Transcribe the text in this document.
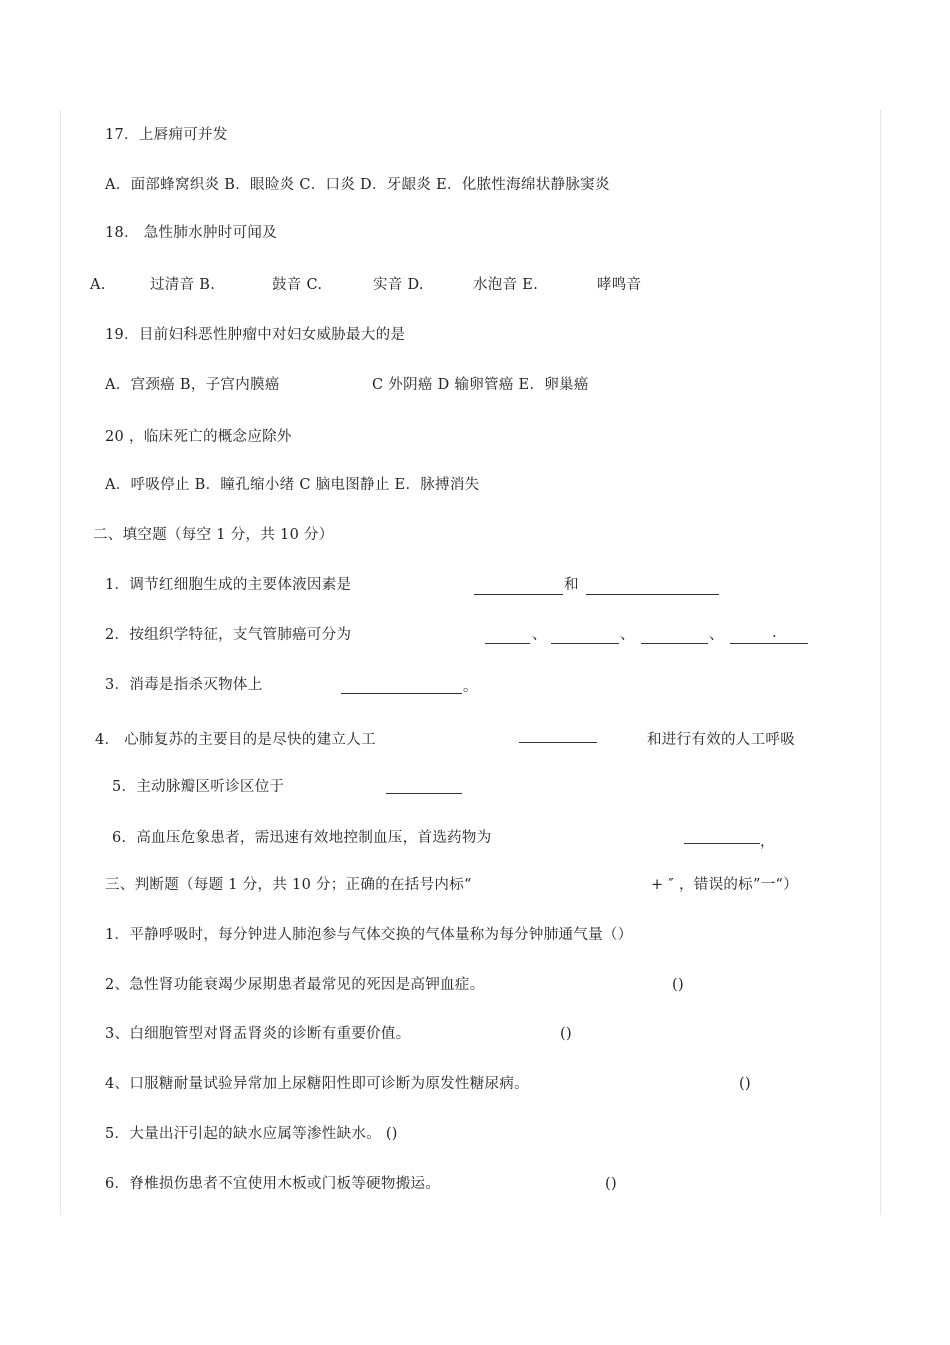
17．上唇痈可并发
A．面部蜂窝织炎 B．眼睑炎 C．口炎 D．牙龈炎 E．化脓性海绵状静脉窦炎
18． 急性肺水肿时可闻及
A.	过清音 B.	鼓音 C.	实音 D.	水泡音 E.	哮鸣音
19．目前妇科恶性肿瘤中对妇女威胁最大的是
A．宫颈癌 B，子宫内膜癌	C 外阴癌 D 输卵管癌 E．卵巢癌
20 ，临床死亡的概念应除外
A．呼吸停止 B．瞳孔缩小绪 C 脑电图静止 E．脉搏消失
二、填空题（每空 1 分，共 10 分）
1．调节红细胞生成的主要体液因素是	和
2．按组织学特征，支气管肺癌可分为	、	、	、	.
3．消毒是指杀灭物体上	。
4． 心肺复苏的主要目的是尽快的建立人工	和进行有效的人工呼吸
5．主动脉瓣区听诊区位于
6．高血压危象患者，需迅速有效地控制血压，首选药物为	，
三、判断题（每题 1 分，共 10 分；正确的在括号内标“	+ ″ ，错误的标”一“）
1．平静呼吸时，每分钟进人肺泡参与气体交换的气体量称为每分钟肺通气量（）
2、急性肾功能衰竭少尿期患者最常见的死因是高钾血症。	()
3、白细胞管型对肾盂肾炎的诊断有重要价值。	()
4、口服糖耐量试验异常加上尿糖阳性即可诊断为原发性糖尿病。	()
5．大量出汗引起的缺水应属等渗性缺水。 ()
6．脊椎损伤患者不宜使用木板或门板等硬物搬运。	()
